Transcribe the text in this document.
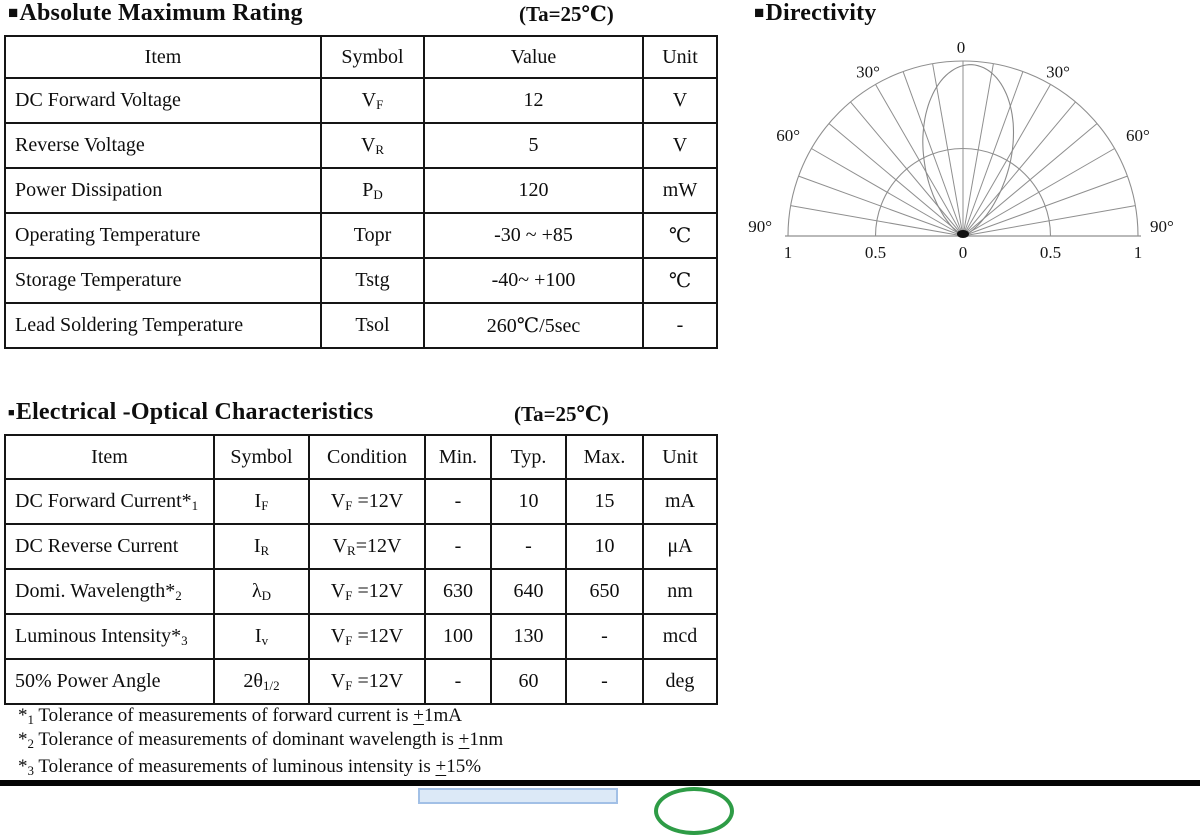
■Absolute Maximum Rating	(Ta=25℃)	■Directivity
0
30°	30°
60°	60°
90°	90°
1	0.5	0	0.5	1
Item	Symbol	Value	Unit
DC Forward Voltage	$V_F$	12	V
Reverse Voltage	$V_R$	5	V
Power Dissipation	$P_D$	120	mW
Operating Temperature	Topr	-30 ~ +85	℃
Storage Temperature	Tstg	-40~ +100	℃
Lead Soldering Temperature	Tsol	260℃/5sec	-
■Electrical -Optical Characteristics	(Ta=25℃)
Item	Symbol	Condition	Min.	Typ.	Max.	Unit
DC Forward $Current*_1$	$I_F$	$V_F =12V$	-	10	15	mA
DC Reverse Current	$I_R$	$V_R=12V$	-	-	10	μA
Domi. $Wavelength*_2$	$\lambda_D$	$V_F =12V$	630	640	650	nm
Luminous $Intensity*_3$	$I_v$	$V_F =12V$	100	130	-	mcd
50% Power Angle	$2\theta_{1/2}$	$V_F =12V$	-	60	-	deg
$*_1$ Tolerance of measurements of forward current is +1mA
$*_2$ Tolerance of measurements of dominant wavelength is +1nm
$*_3$ Tolerance of measurements of luminous intensity is +15%
